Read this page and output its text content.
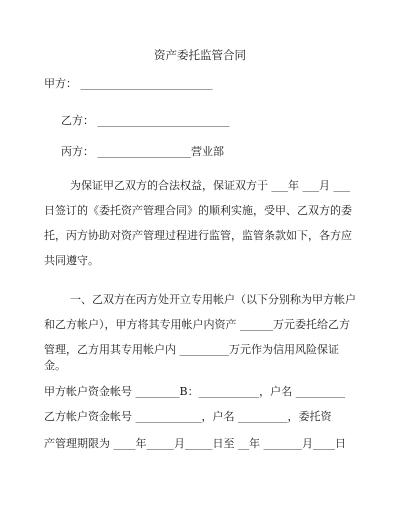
资产委托监管合同
甲方： ________________________
乙方： ________________________
丙方： _________________营业部
为保证甲乙双方的合法权益，保证双方于 ___年 ___月 ___
日签订的《委托资产管理合同》的顺利实施，受甲、乙双方的委
托，丙方协助对资产管理过程进行监管，监管条款如下，各方应
共同遵守。
一、乙双方在丙方处开立专用帐户（以下分别称为甲方帐户
和乙方帐户），甲方将其专用帐户内资产 ______万元委托给乙方
管理，乙方用其专用帐户内 _________万元作为信用风险保证
金。
甲方帐户资金帐号 ________B：___________，户名 _________
乙方帐户资金帐号 ____________，户名 _________，委托资
产管理期限为 ____年_____月_____日至 __年 _______月____日
